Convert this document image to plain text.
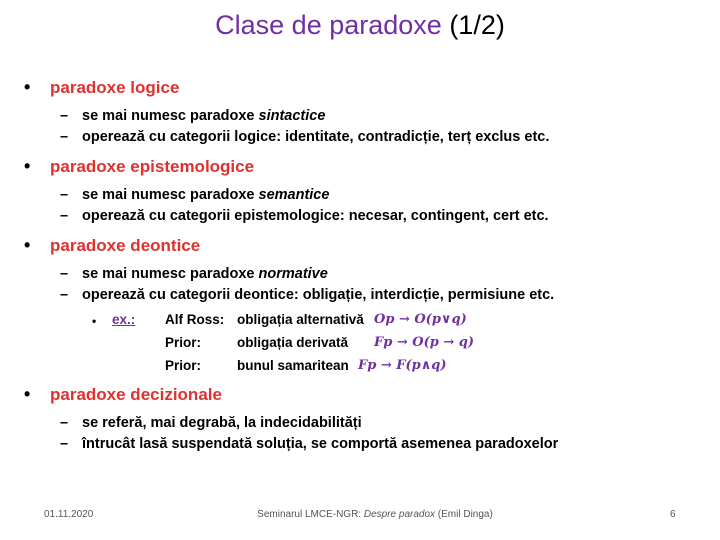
Clase de paradoxe (1/2)
• paradoxe logice
– se mai numesc paradoxe sintactice
– operează cu categorii logice: identitate, contradicție, terț exclus etc.
• paradoxe epistemologice
– se mai numesc paradoxe semantice
– operează cu categorii epistemologice: necesar, contingent, cert etc.
• paradoxe deontice
– se mai numesc paradoxe normative
– operează cu categorii deontice: obligație, interdicție, permisiune etc.
• ex.: Alf Ross: obligația alternativă Op → O(p∨q)
Prior:	obligația derivată Fp → O(p → q)
Prior:	bunul samaritean Fp → F(p∧q)
• paradoxe decizionale
– se referă, mai degrabă, la indecidabilități
– întrucât lasă suspendată soluția, se comportă asemenea paradoxelor
01.11.2020	Seminarul LMCE-NGR: Despre paradox (Emil Dinga)	6
